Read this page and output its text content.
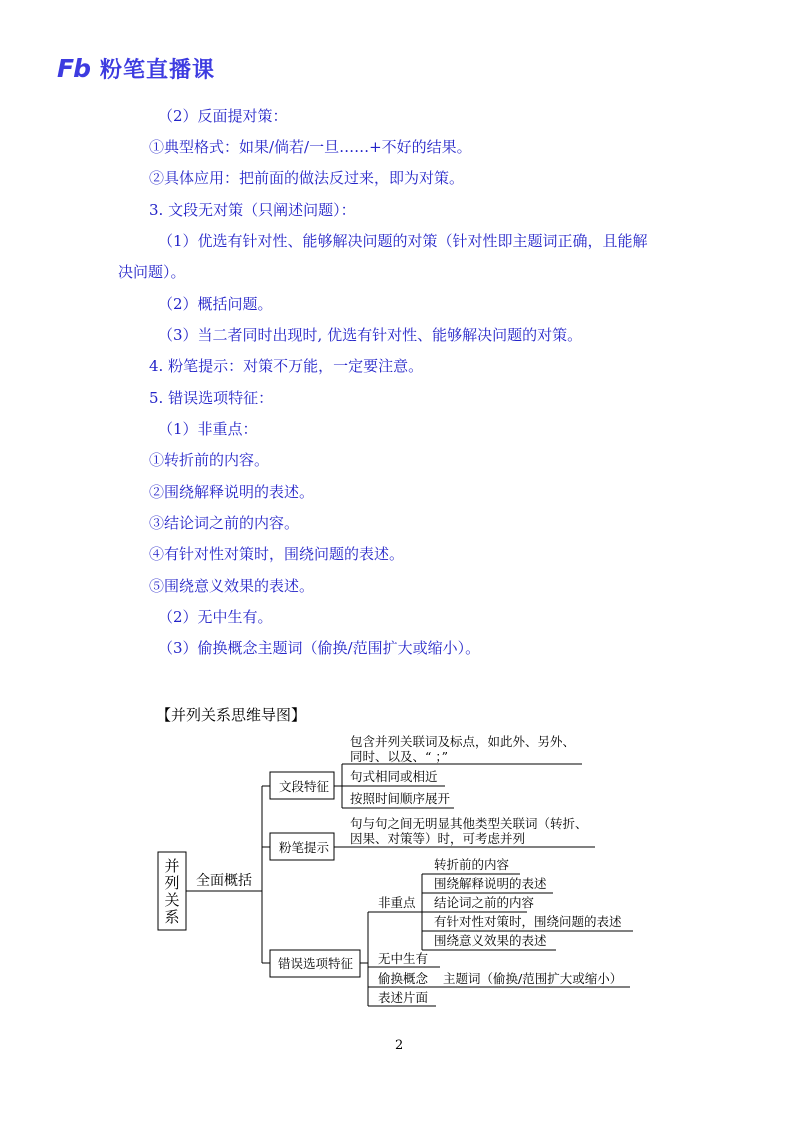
Fb 粉笔直播课
（2）反面提对策：
①典型格式：如果/倘若/一旦……+不好的结果。
②具体应用：把前面的做法反过来，即为对策。
3. 文段无对策（只阐述问题）：
（1）优选有针对性、能够解决问题的对策（针对性即主题词正确，且能解
决问题）。
（2）概括问题。
（3）当二者同时出现时, 优选有针对性、能够解决问题的对策。
4. 粉笔提示：对策不万能，一定要注意。
5. 错误选项特征：
（1）非重点：
①转折前的内容。
②围绕解释说明的表述。
③结论词之前的内容。
④有针对性对策时，围绕问题的表述。
⑤围绕意义效果的表述。
（2）无中生有。
（3）偷换概念主题词（偷换/范围扩大或缩小）。
【并列关系思维导图】
并
列
关
系
全面概括
文段特征
包含并列关联词及标点，如此外、另外、
同时、以及、“ ；”
句式相同或相近
按照时间顺序展开
粉笔提示
句与句之间无明显其他类型关联词（转折、
因果、对策等）时，可考虑并列
错误选项特征
非重点
转折前的内容
围绕解释说明的表述
结论词之前的内容
有针对性对策时，围绕问题的表述
围绕意义效果的表述
无中生有
偷换概念 主题词（偷换/范围扩大或缩小）
表述片面
2
